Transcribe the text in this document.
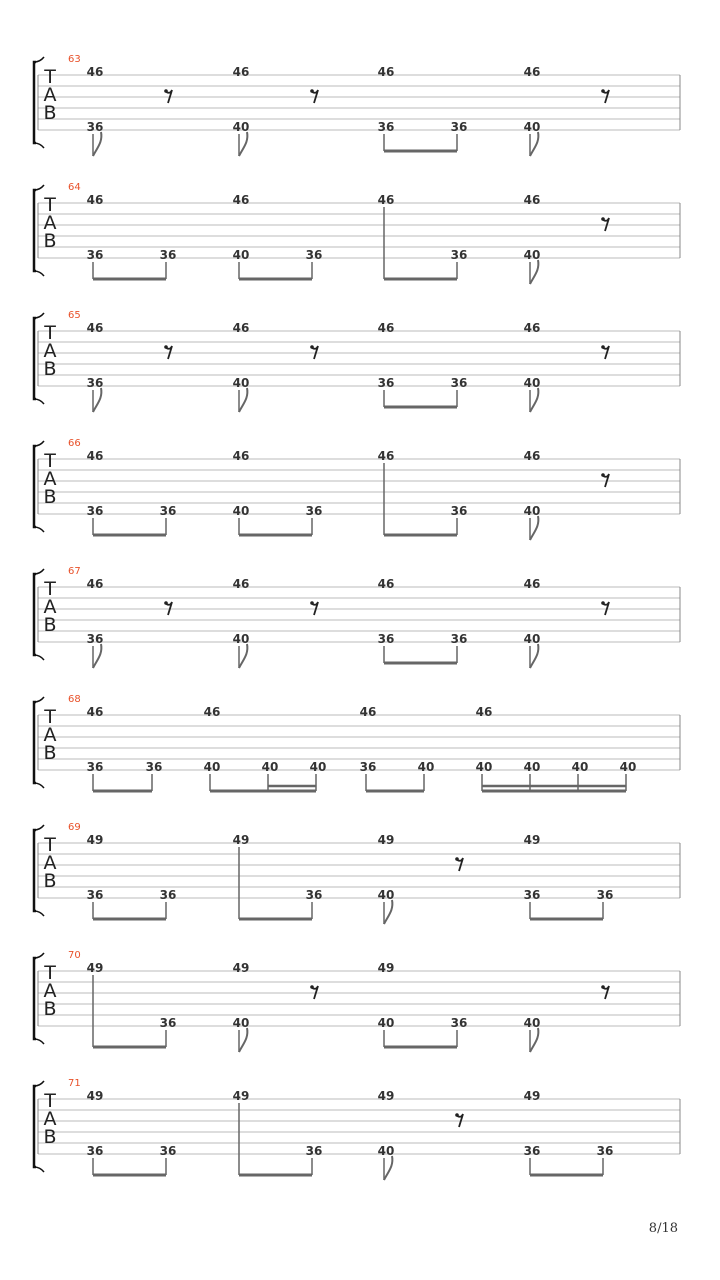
T
A
B
63
46
36
46
40
46
36	36
46
40
T
A
B
64
46
36	36
46
40	36
46
36
46
40
T
A
B
65
46
36
46
40
46
36	36
46
40
T
A
B
66
46
36	36
46
40	36
46
36
46
40
T
A
B
67
46
36
46
40
46
36	36
46
40
T
A
B
68
46	46	46	46
36	36	40	40	40	36	40	40	40	40	40
T
A
B
69
49
36	36
49
36
49
40
49
36	36
T
A
B
70
49
36
49
40
49
40	36	40
T
A
B
71
49
36	36
49
36
49
40
49
36	36
8/18
